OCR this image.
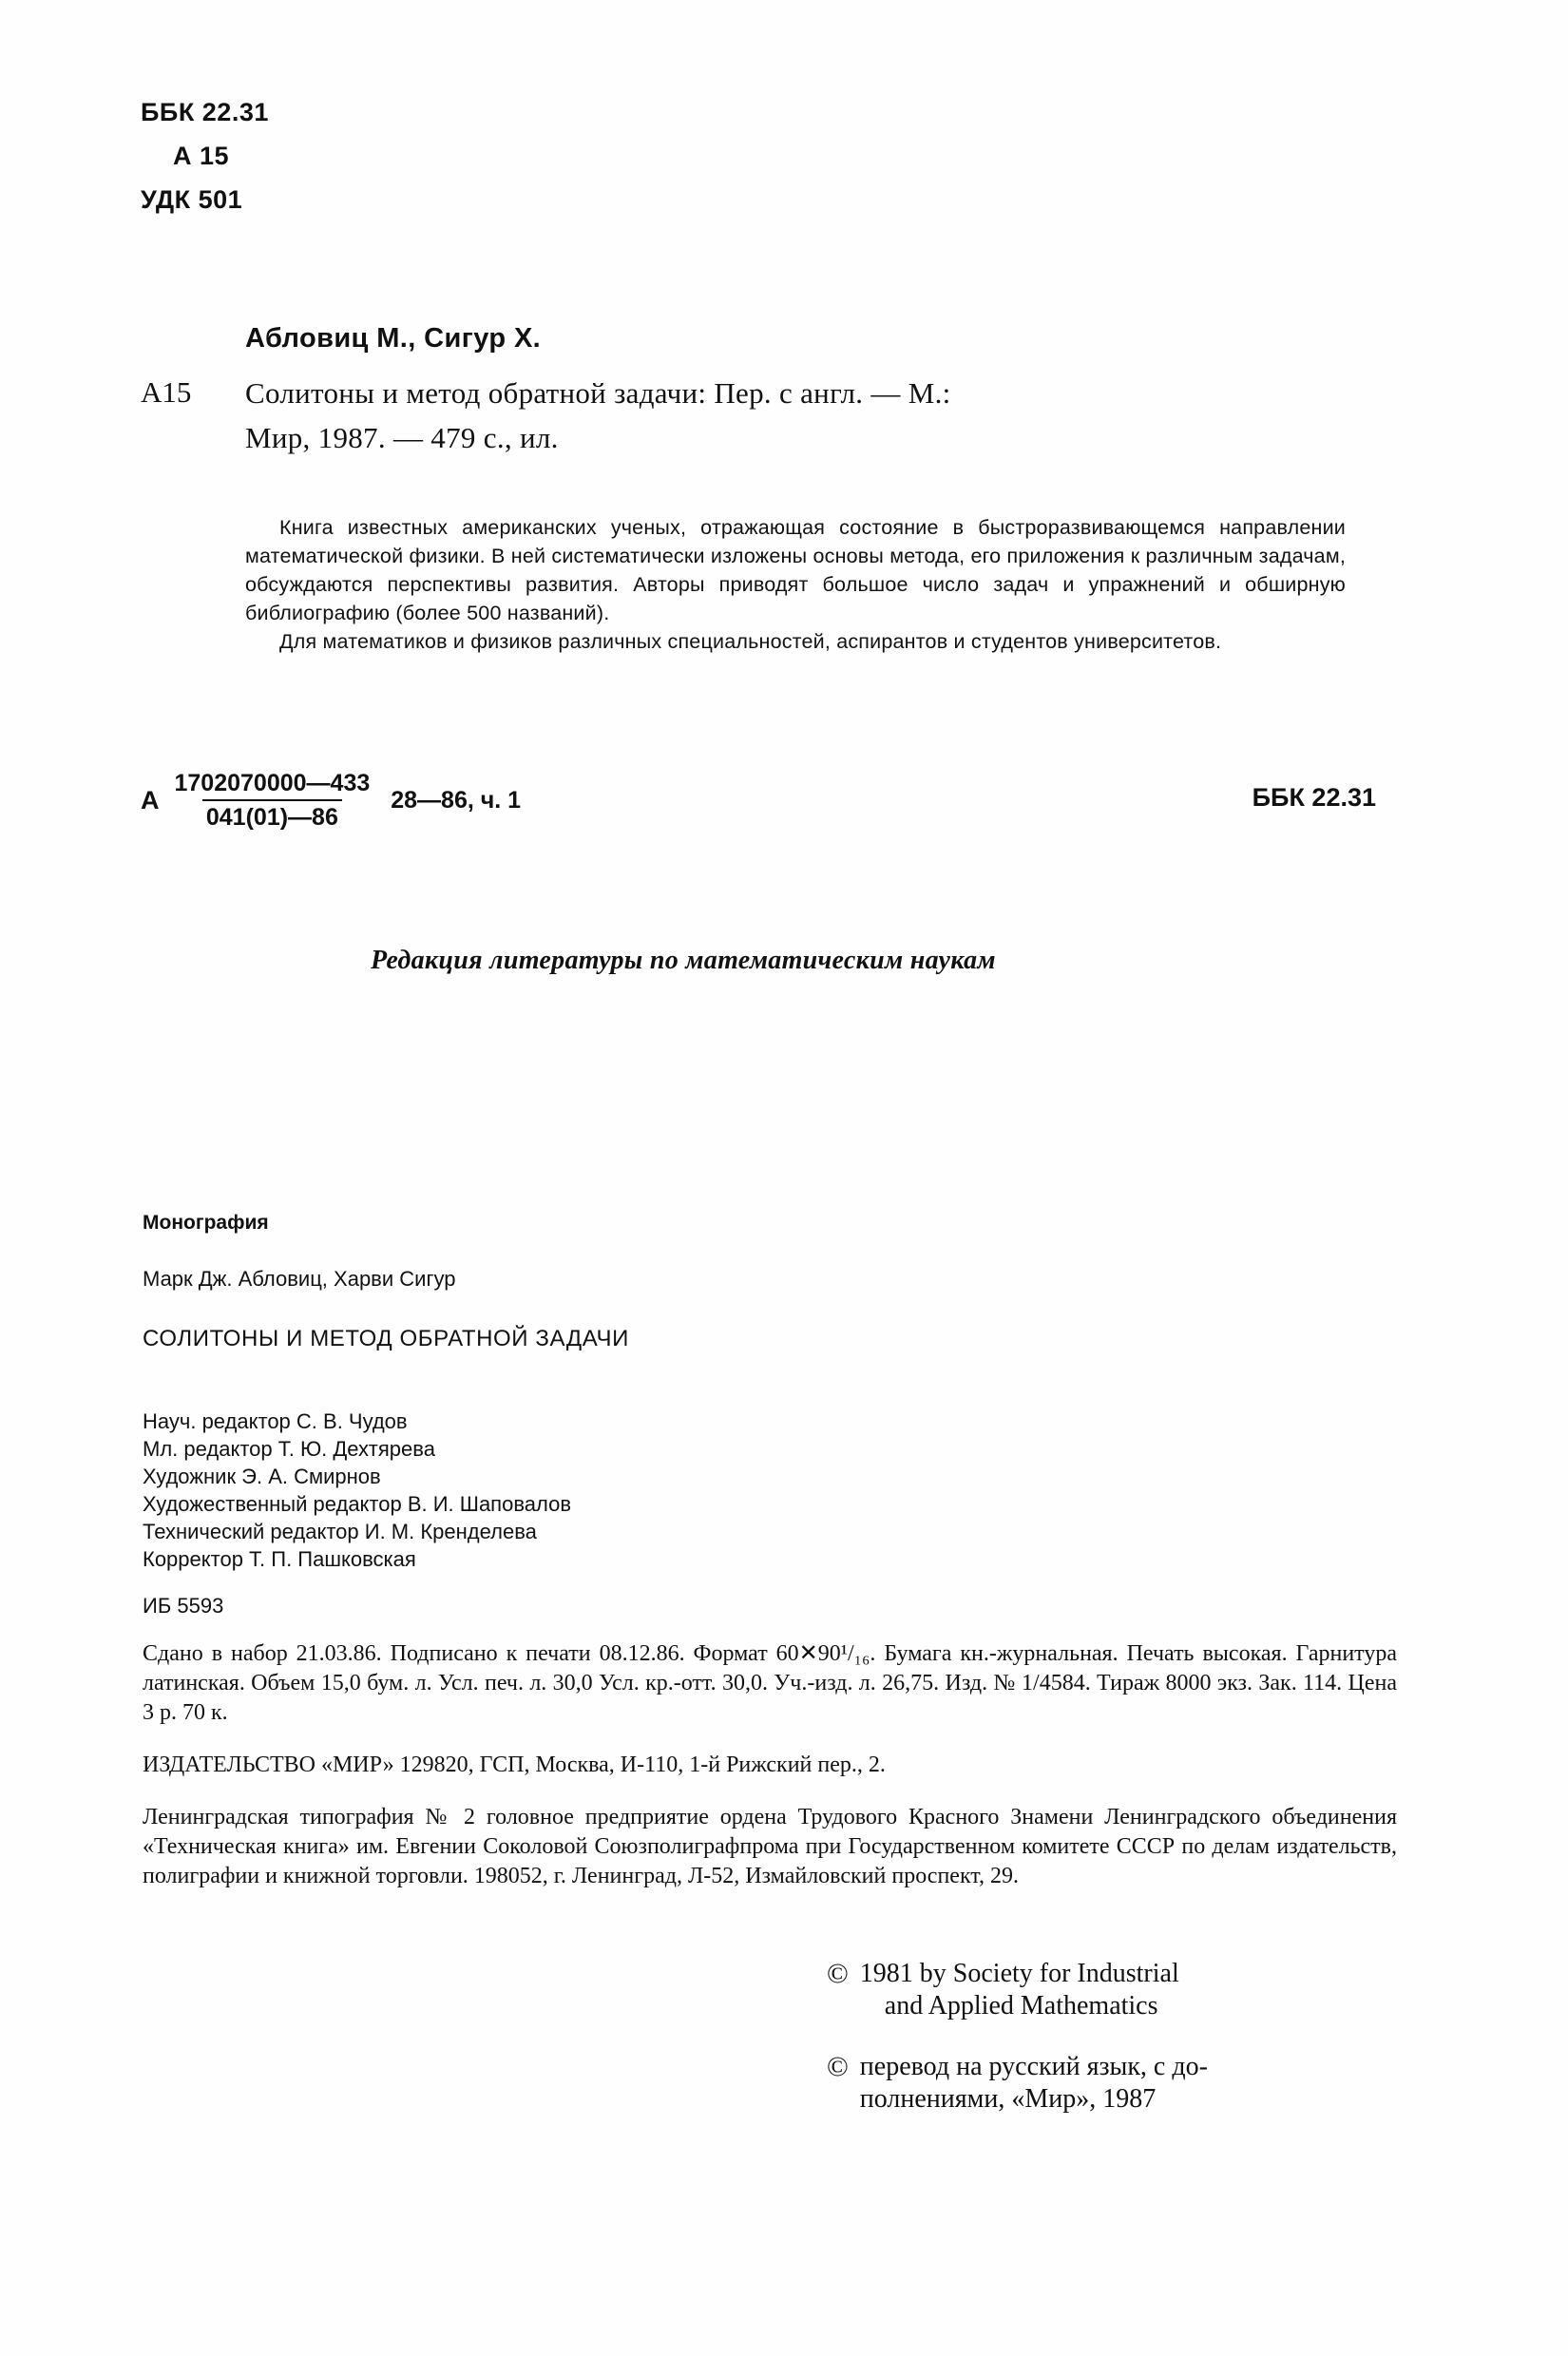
ББК 22.31
А 15
УДК 501
Абловиц М., Сигур Х.
А15 Солитоны и метод обратной задачи: Пер. с англ. — М.:
Мир, 1987. — 479 с., ил.

Книга известных американских ученых, отражающая состояние в быстроразвивающемся направлении математической физики. В ней систематически изложены основы метода, его приложения к различным задачам, обсуждаются перспективы развития. Авторы приводят большое число задач и упражнений и обширную библиографию (более 500 названий).

Для математиков и физиков различных специальностей, аспирантов и студентов университетов.

А $\frac{1702070000—433}{041(01)—86}$ 28—86, ч. 1	ББК 22.31
Редакция литературы по математическим наукам
Монография
Марк Дж. Абловиц, Харви Сигур
СОЛИТОНЫ И МЕТОД ОБРАТНОЙ ЗАДАЧИ
Науч. редактор С. В. Чудов
Мл. редактор Т. Ю. Дехтярева
Художник Э. А. Смирнов
Художественный редактор В. И. Шаповалов
Технический редактор И. М. Кренделева
Корректор Т. П. Пашковская
ИБ 5593
Сдано в набор 21.03.86. Подписано к печати 08.12.86. Формат 60✕90¹/₁₆. Бумага кн.-журнальная. Печать высокая. Гарнитура латинская. Объем 15,0 бум. л. Усл. печ. л. 30,0 Усл. кр.-отт. 30,0. Уч.-изд. л. 26,75. Изд. № 1/4584. Тираж 8000 экз. Зак. 114. Цена 3 р. 70 к.
ИЗДАТЕЛЬСТВО «МИР» 129820, ГСП, Москва, И-110, 1-й Рижский пер., 2.
Ленинградская типография № 2 головное предприятие ордена Трудового Красного Знамени Ленинградского объединения «Техническая книга» им. Евгении Соколовой Союзполиграфпрома при Государственном комитете СССР по делам издательств, полиграфии и книжной торговли. 198052, г. Ленинград, Л-52, Измайловский проспект, 29.
© 1981 by Society for Industrial
and Applied Mathematics
© перевод на русский язык, с до-
полнениями, «Мир», 1987
